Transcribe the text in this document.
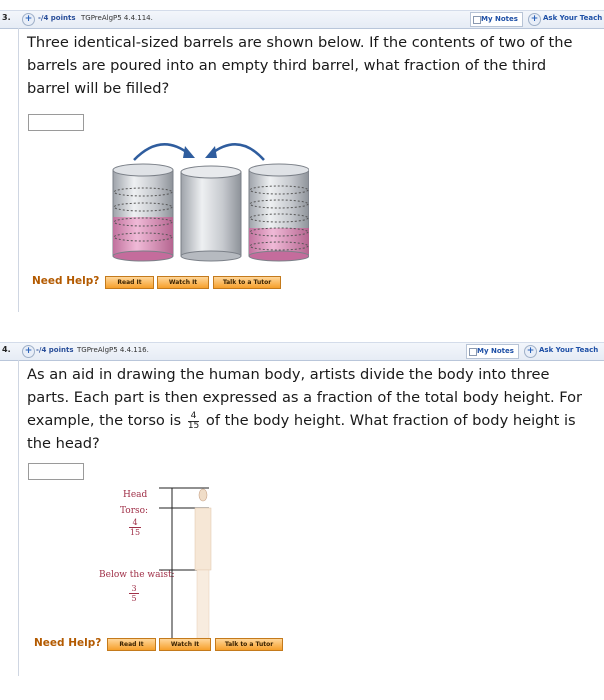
3.	+ -/4 points TGPreAlgP5 4.4.114.	My Notes	+ Ask Your Teach
Three identical-sized barrels are shown below. If the contents of two of the
barrels are poured into an empty third barrel, what fraction of the third
barrel will be filled?
Need Help?	Read It	Watch It	Talk to a Tutor
4.	+ -/4 points TGPreAlgP5 4.4.116.	My Notes	+ Ask Your Teach
As an aid in drawing the human body, artists divide the body into three
parts. Each part is then expressed as a fraction of the total body height. For
example, the torso is $\frac{4}{15}$ of the body height. What fraction of body height is
the head?
Head
Torso:
4
15
Below the waist:
3
5
Need Help?	Read It	Watch It	Talk to a Tutor
